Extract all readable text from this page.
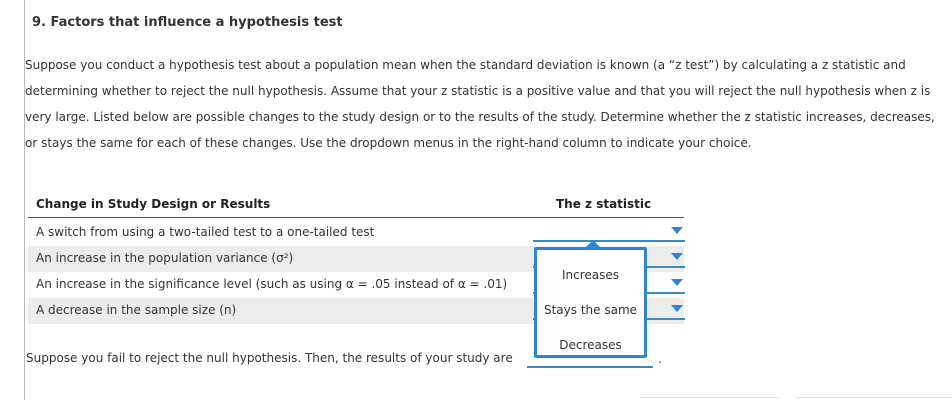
9. Factors that influence a hypothesis test
Suppose you conduct a hypothesis test about a population mean when the standard deviation is known (a “z test”) by calculating a z statistic and determining whether to reject the null hypothesis. Assume that your z statistic is a positive value and that you will reject the null hypothesis when z is very large. Listed below are possible changes to the study design or to the results of the study. Determine whether the z statistic increases, decreases, or stays the same for each of these changes. Use the dropdown menus in the right-hand column to indicate your choice.
Change in Study Design or Results	The z statistic
A switch from using a two-tailed test to a one-tailed test
An increase in the population variance (σ²)
An increase in the significance level (such as using α = .05 instead of α = .01)
A decrease in the sample size (n)
Suppose you fail to reject the null hypothesis. Then, the results of your study are	.
Increases
Stays the same
Decreases
